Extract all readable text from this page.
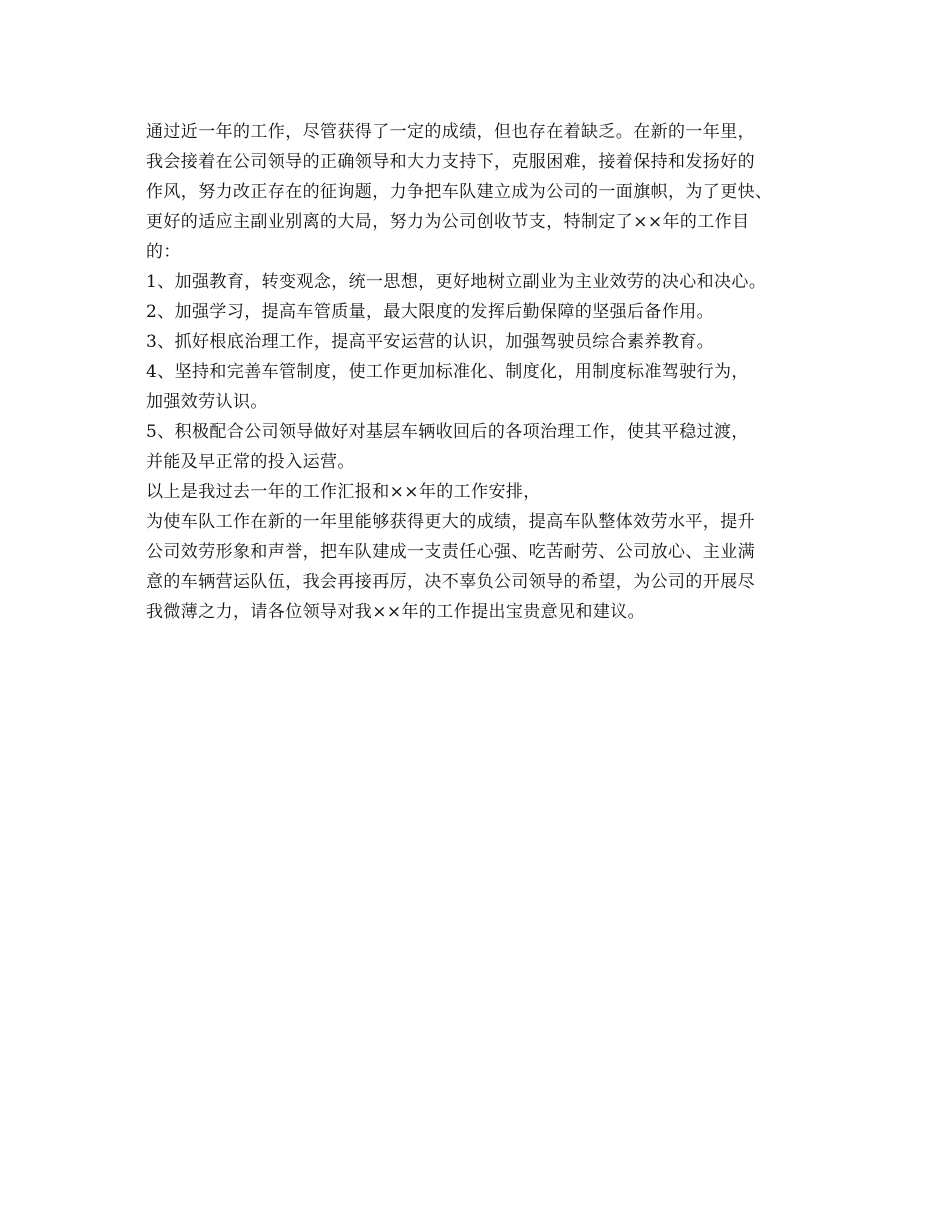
通过近一年的工作，尽管获得了一定的成绩，但也存在着缺乏。在新的一年里，
我会接着在公司领导的正确领导和大力支持下，克服困难，接着保持和发扬好的
作风，努力改正存在的征询题，力争把车队建立成为公司的一面旗帜，为了更快、
更好的适应主副业别离的大局，努力为公司创收节支，特制定了××年的工作目
的：
1、加强教育，转变观念，统一思想，更好地树立副业为主业效劳的决心和决心。
2、加强学习，提高车管质量，最大限度的发挥后勤保障的坚强后备作用。
3、抓好根底治理工作，提高平安运营的认识，加强驾驶员综合素养教育。
4、坚持和完善车管制度，使工作更加标准化、制度化，用制度标准驾驶行为，
加强效劳认识。
5、积极配合公司领导做好对基层车辆收回后的各项治理工作，使其平稳过渡，
并能及早正常的投入运营。
以上是我过去一年的工作汇报和××年的工作安排，
为使车队工作在新的一年里能够获得更大的成绩，提高车队整体效劳水平，提升
公司效劳形象和声誉，把车队建成一支责任心强、吃苦耐劳、公司放心、主业满
意的车辆营运队伍，我会再接再厉，决不辜负公司领导的希望，为公司的开展尽
我微薄之力，请各位领导对我××年的工作提出宝贵意见和建议。
